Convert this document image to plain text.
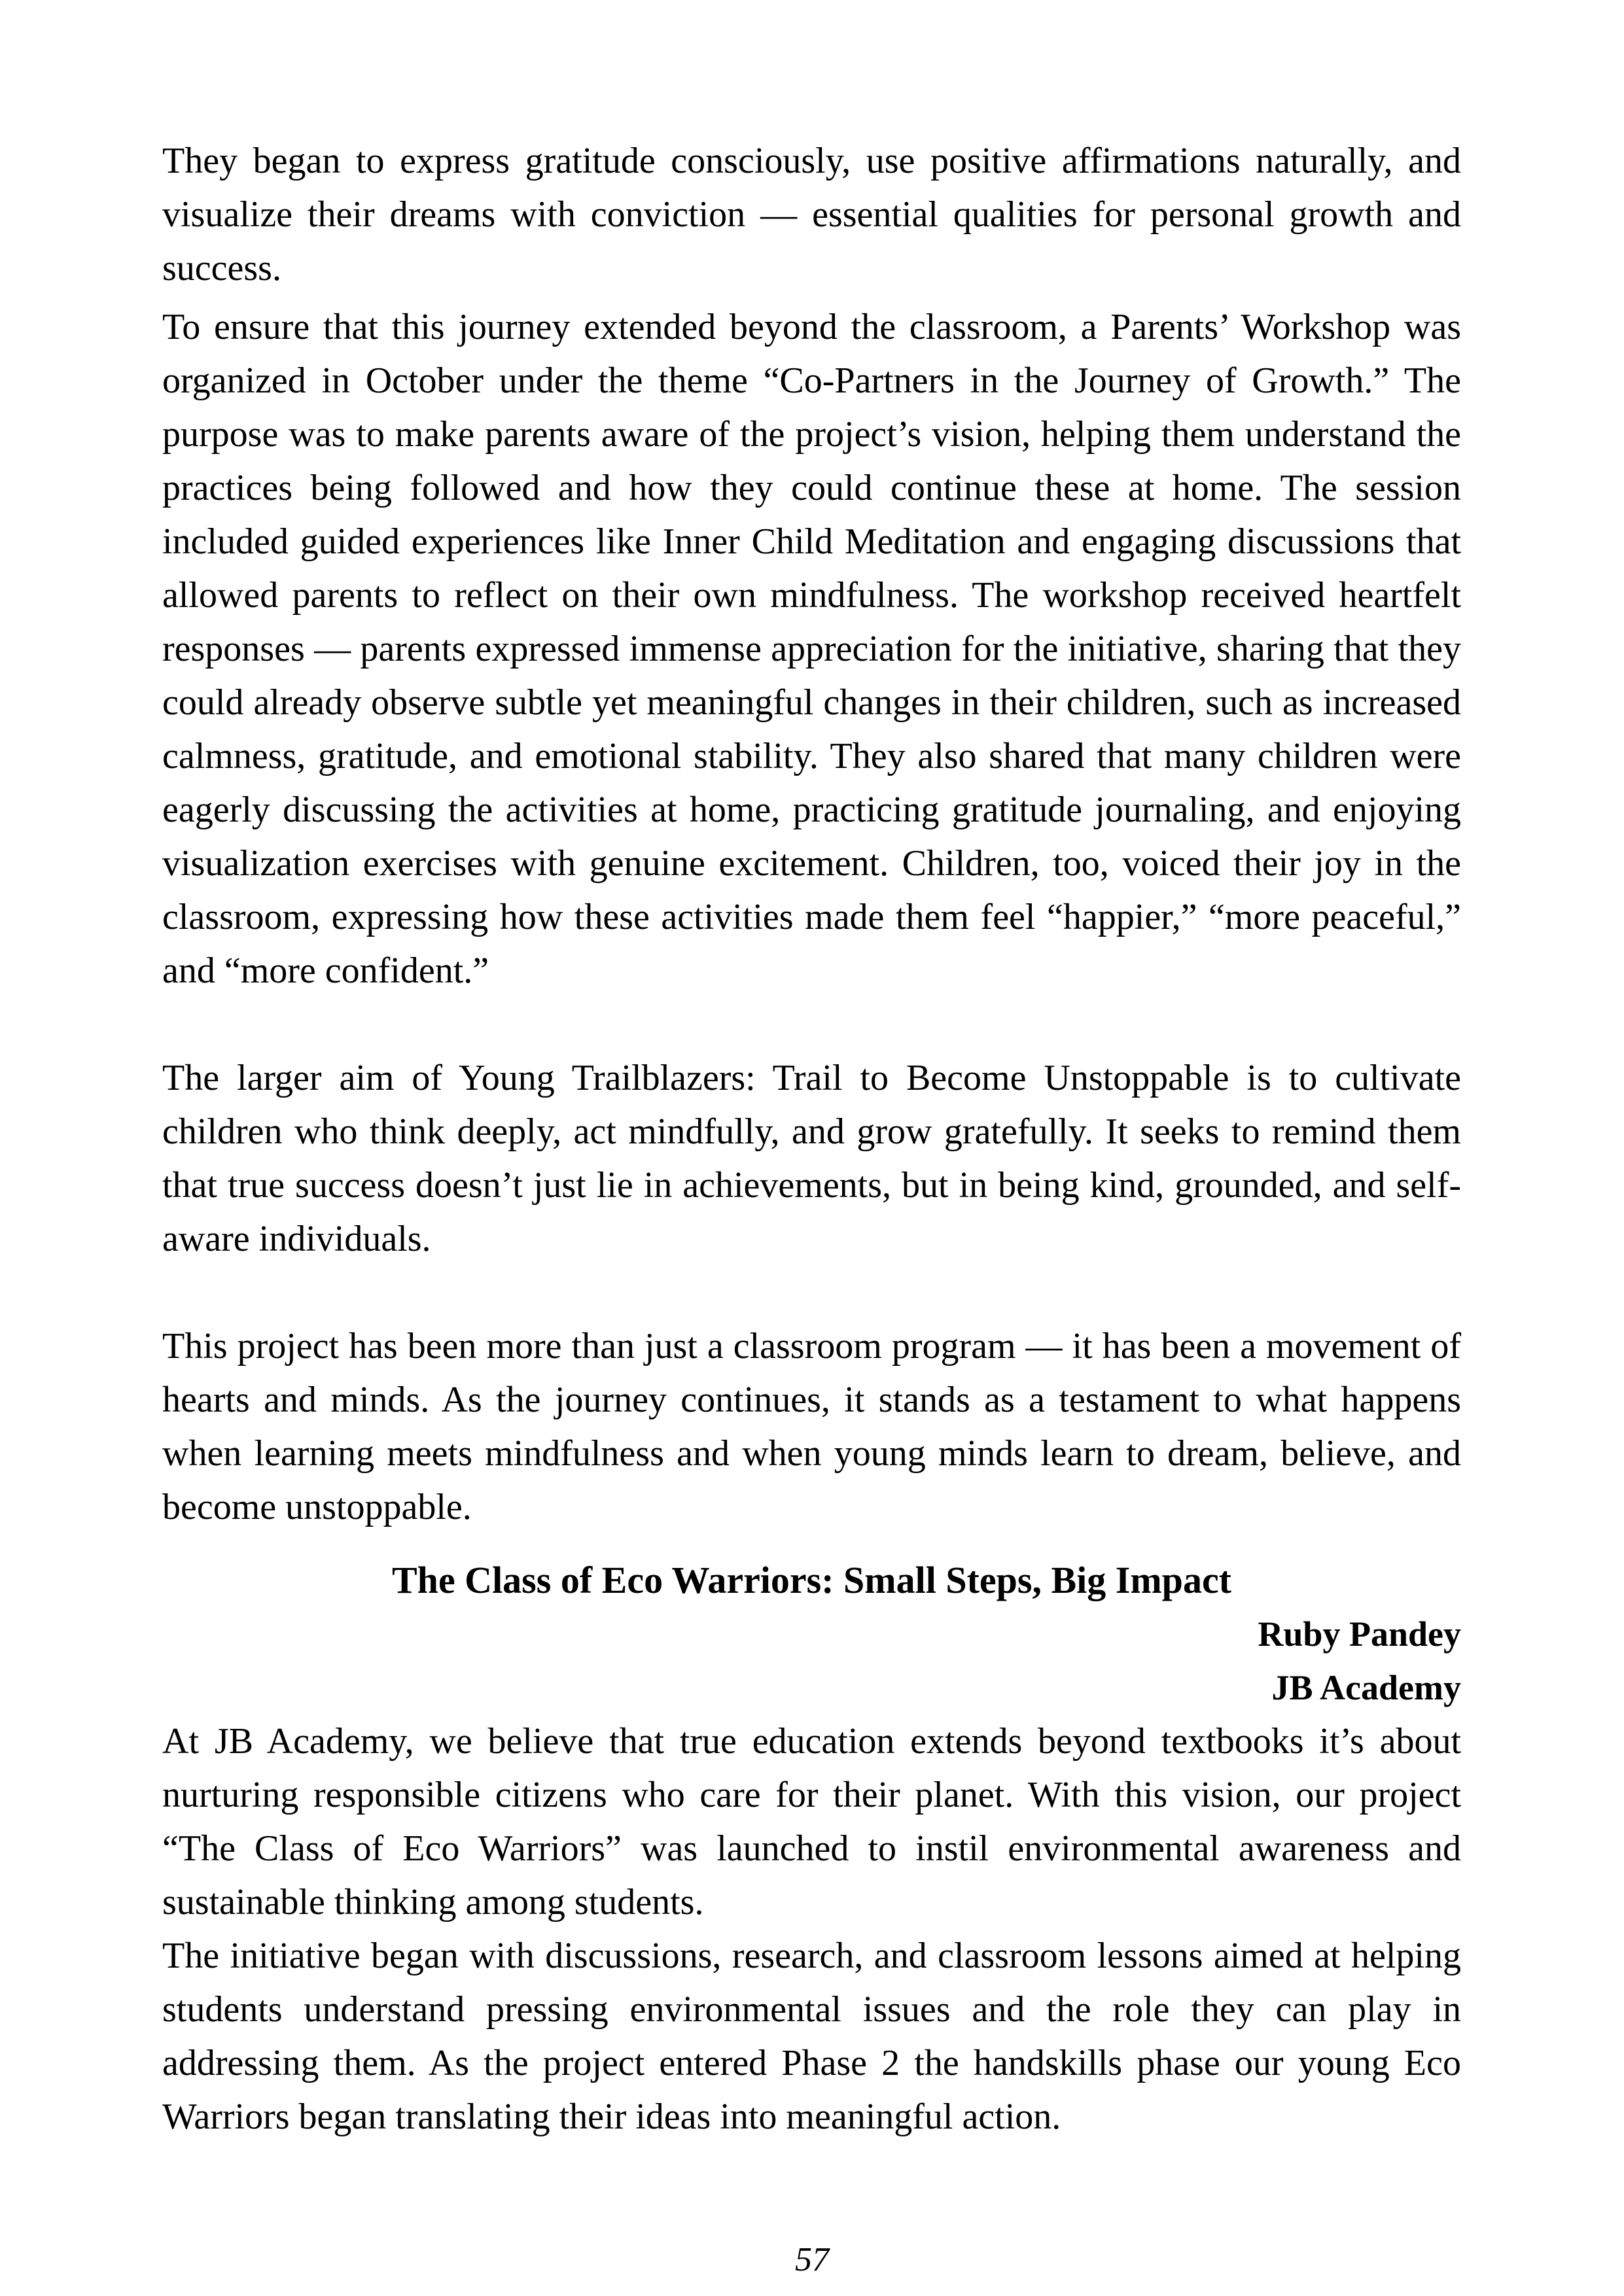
They began to express gratitude consciously, use positive affirmations naturally, and visualize their dreams with conviction — essential qualities for personal growth and success.

To ensure that this journey extended beyond the classroom, a Parents’ Workshop was organized in October under the theme “Co-Partners in the Journey of Growth.” The purpose was to make parents aware of the project’s vision, helping them understand the practices being followed and how they could continue these at home. The session included guided experiences like Inner Child Meditation and engaging discussions that allowed parents to reflect on their own mindfulness. The workshop received heartfelt responses — parents expressed immense appreciation for the initiative, sharing that they could already observe subtle yet meaningful changes in their children, such as increased calmness, gratitude, and emotional stability. They also shared that many children were eagerly discussing the activities at home, practicing gratitude journaling, and enjoying visualization exercises with genuine excitement. Children, too, voiced their joy in the classroom, expressing how these activities made them feel “happier,” “more peaceful,” and “more confident.”

The larger aim of Young Trailblazers: Trail to Become Unstoppable is to cultivate children who think deeply, act mindfully, and grow gratefully. It seeks to remind them that true success doesn’t just lie in achievements, but in being kind, grounded, and self-aware individuals.

This project has been more than just a classroom program — it has been a movement of hearts and minds. As the journey continues, it stands as a testament to what happens when learning meets mindfulness and when young minds learn to dream, believe, and become unstoppable.

The Class of Eco Warriors: Small Steps, Big Impact

Ruby Pandey

JB Academy

At JB Academy, we believe that true education extends beyond textbooks it’s about nurturing responsible citizens who care for their planet. With this vision, our project “The Class of Eco Warriors” was launched to instil environmental awareness and sustainable thinking among students.

The initiative began with discussions, research, and classroom lessons aimed at helping students understand pressing environmental issues and the role they can play in addressing them. As the project entered Phase 2 the handskills phase our young Eco Warriors began translating their ideas into meaningful action.

57
